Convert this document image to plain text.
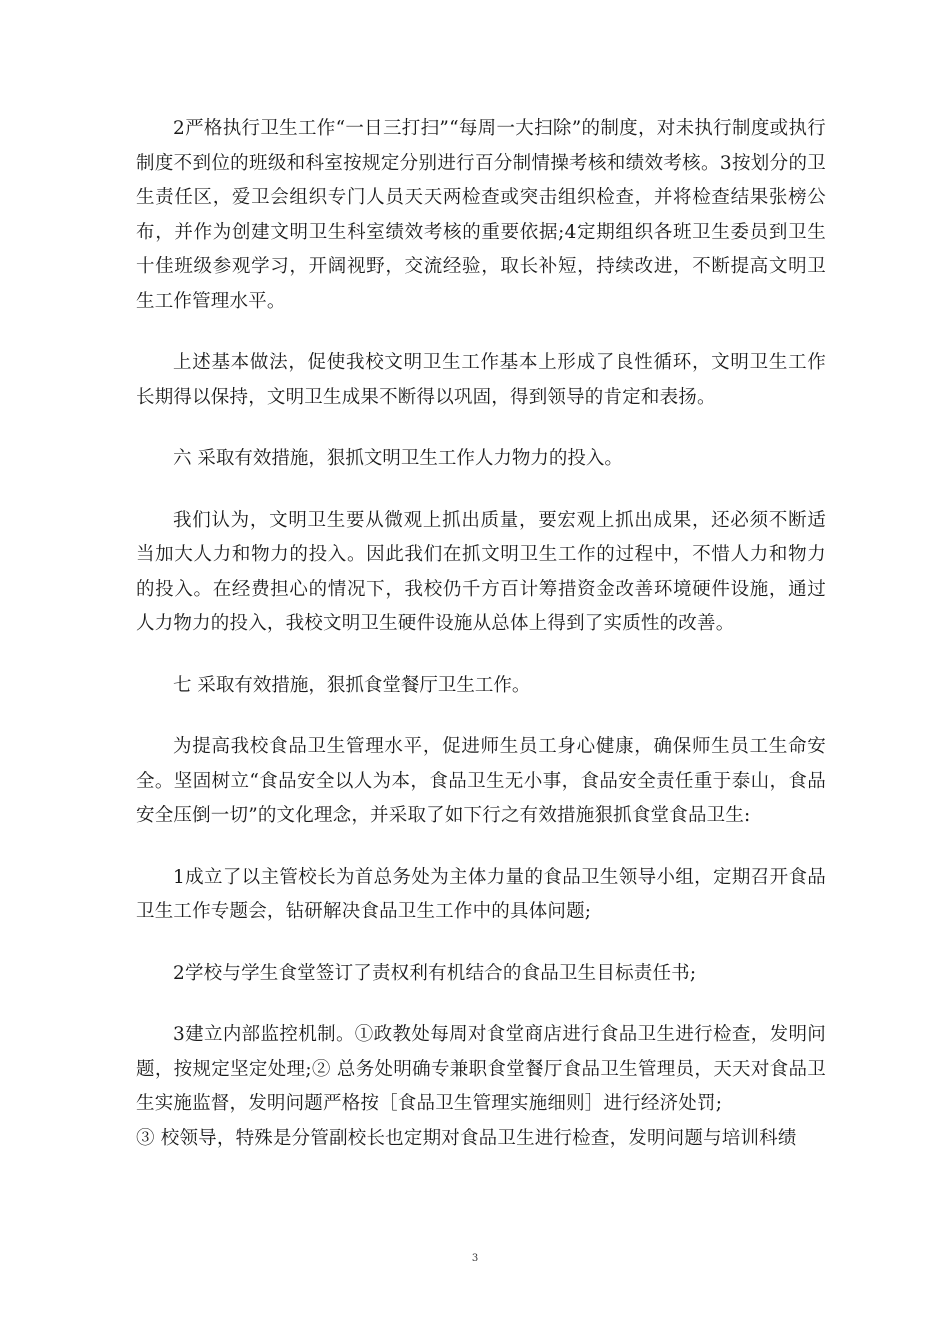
2严格执行卫生工作“一日三打扫”“每周一大扫除”的制度，对未执行制度或执行制度不到位的班级和科室按规定分别进行百分制情操考核和绩效考核。3按划分的卫生责任区，爱卫会组织专门人员天天两检查或突击组织检查，并将检查结果张榜公布，并作为创建文明卫生科室绩效考核的重要依据;4定期组织各班卫生委员到卫生十佳班级参观学习，开阔视野，交流经验，取长补短，持续改进，不断提高文明卫生工作管理水平。

上述基本做法，促使我校文明卫生工作基本上形成了良性循环，文明卫生工作长期得以保持，文明卫生成果不断得以巩固，得到领导的肯定和表扬。

六 采取有效措施，狠抓文明卫生工作人力物力的投入。

我们认为，文明卫生要从微观上抓出质量，要宏观上抓出成果，还必须不断适当加大人力和物力的投入。因此我们在抓文明卫生工作的过程中，不惜人力和物力的投入。在经费担心的情况下，我校仍千方百计筹措资金改善环境硬件设施，通过人力物力的投入，我校文明卫生硬件设施从总体上得到了实质性的改善。

七 采取有效措施，狠抓食堂餐厅卫生工作。

为提高我校食品卫生管理水平，促进师生员工身心健康，确保师生员工生命安全。坚固树立“食品安全以人为本，食品卫生无小事，食品安全责任重于泰山，食品安全压倒一切”的文化理念，并采取了如下行之有效措施狠抓食堂食品卫生:

1成立了以主管校长为首总务处为主体力量的食品卫生领导小组，定期召开食品卫生工作专题会，钻研解决食品卫生工作中的具体问题;

2学校与学生食堂签订了责权利有机结合的食品卫生目标责任书;

3建立内部监控机制。①政教处每周对食堂商店进行食品卫生进行检查，发明问题，按规定坚定处理;② 总务处明确专兼职食堂餐厅食品卫生管理员，天天对食品卫生实施监督，发明问题严格按［食品卫生管理实施细则］进行经济处罚;

③ 校领导，特殊是分管副校长也定期对食品卫生进行检查，发明问题与培训科绩

3
